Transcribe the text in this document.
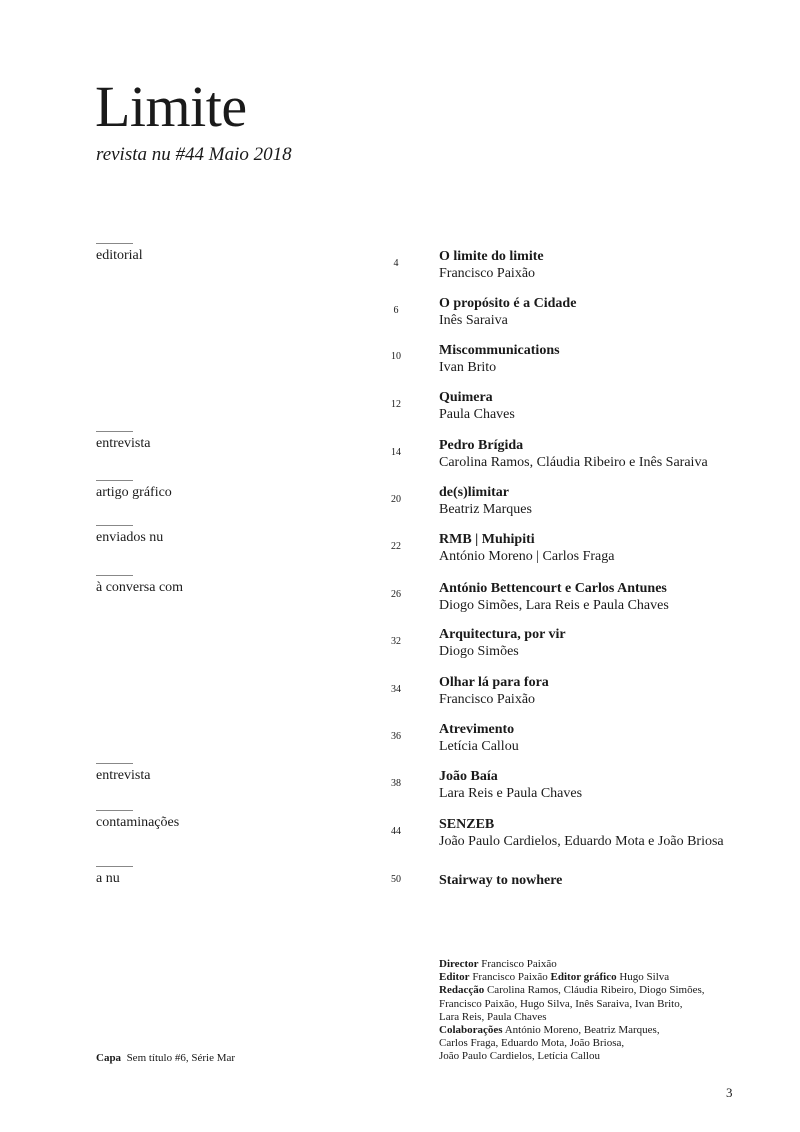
Limite
revista nu #44 Maio 2018
editorial
entrevista
artigo gráfico
enviados nu
à conversa com
entrevista
contaminações
a nu
4
6
10
12
14
20
22
26
32
34
36
38
44
50
O limite do limite
Francisco Paixão
O propósito é a Cidade
Inês Saraiva
Miscommunications
Ivan Brito
Quimera
Paula Chaves
Pedro Brígida
Carolina Ramos, Cláudia Ribeiro e Inês Saraiva
de(s)limitar
Beatriz Marques
RMB | Muhipiti
António Moreno | Carlos Fraga
António Bettencourt e Carlos Antunes
Diogo Simões, Lara Reis e Paula Chaves
Arquitectura, por vir
Diogo Simões
Olhar lá para fora
Francisco Paixão
Atrevimento
Letícia Callou
João Baía
Lara Reis e Paula Chaves
SENZEB
João Paulo Cardielos, Eduardo Mota e João Briosa
Stairway to nowhere
Director Francisco Paixão
Editor Francisco Paixão Editor gráfico Hugo Silva
Redacção Carolina Ramos, Cláudia Ribeiro, Diogo Simões,
Francisco Paixão, Hugo Silva, Inês Saraiva, Ivan Brito,
Lara Reis, Paula Chaves
Colaborações António Moreno, Beatriz Marques,
Carlos Fraga, Eduardo Mota, João Briosa,
João Paulo Cardielos, Letícia Callou
Capa Sem título #6, Série Mar
3
